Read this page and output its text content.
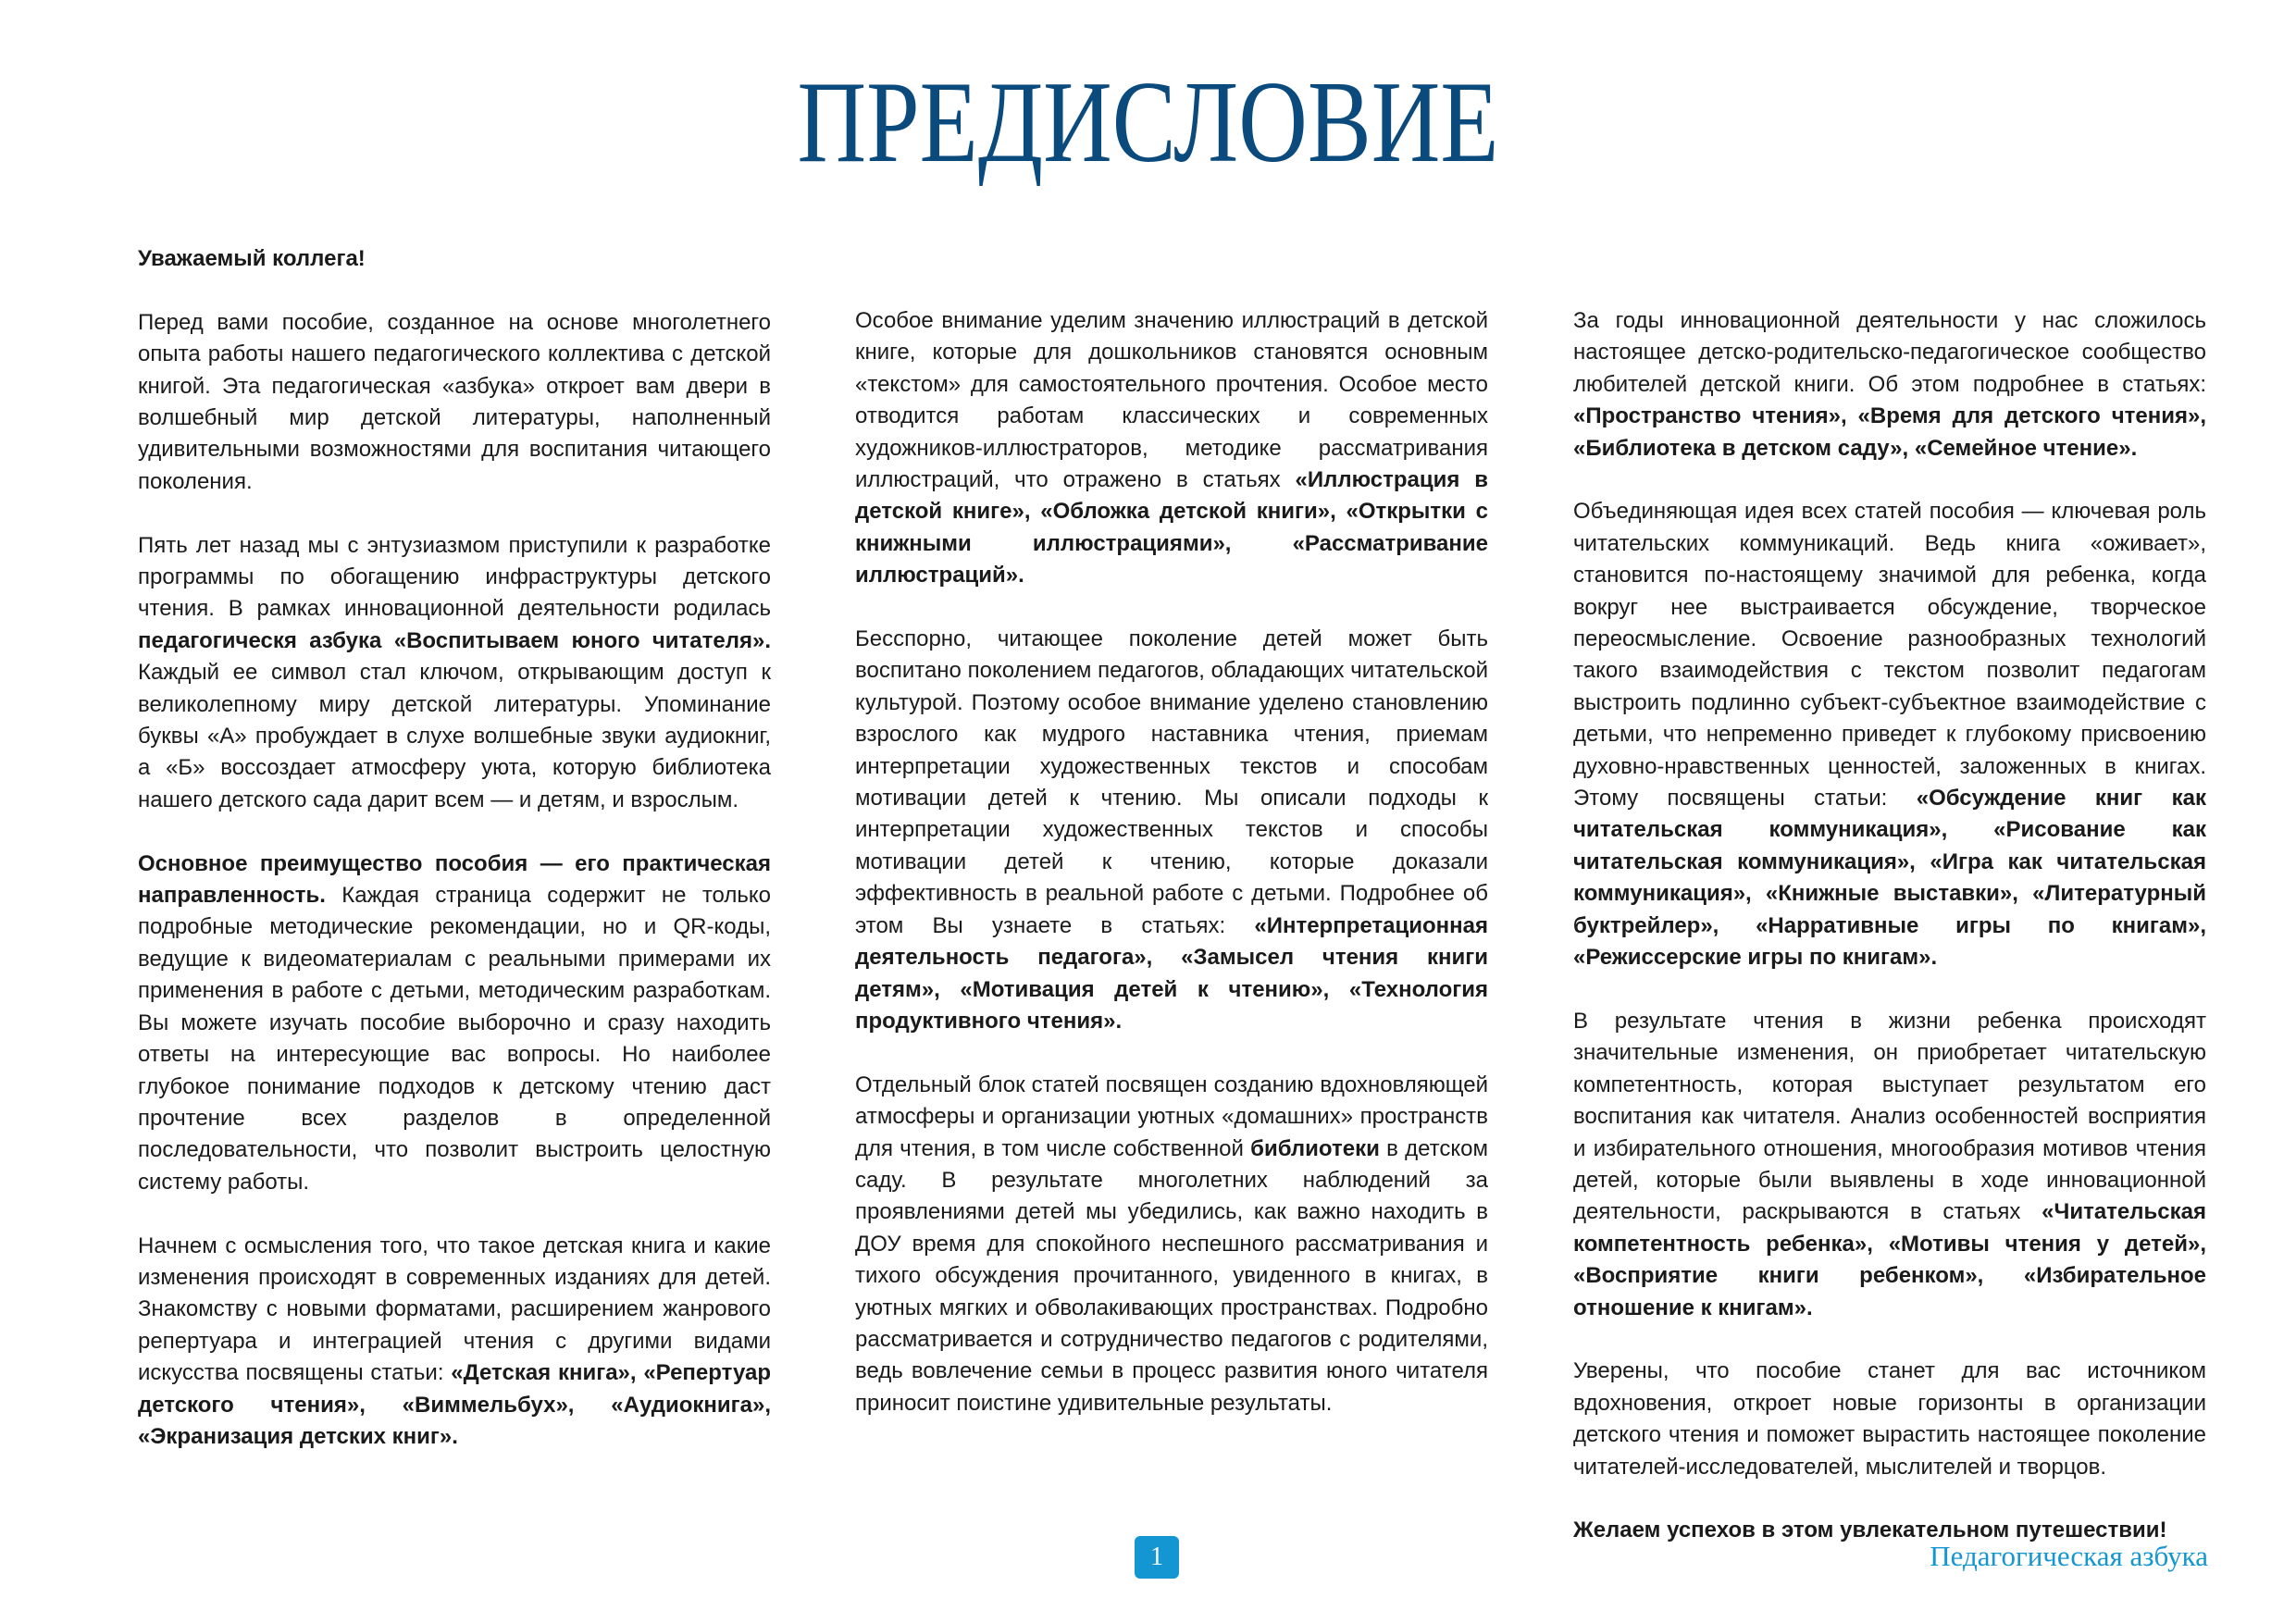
ПРЕДИСЛОВИЕ

Уважаемый коллега!

Перед вами пособие, созданное на основе многолетнего опыта работы нашего педагогического коллектива с детской книгой. Эта педагогическая «азбука» откроет вам двери в волшебный мир детской литературы, наполненный удивительными возможностями для воспитания читающего поколения.

Пять лет назад мы с энтузиазмом приступили к разработке программы по обогащению инфраструктуры детского чтения. В рамках инновационной деятельности родилась педагогическя азбука «Воспитываем юного читателя». Каждый ее символ стал ключом, открывающим доступ к великолепному миру детской литературы. Упоминание буквы «А» пробуждает в слухе волшебные звуки аудиокниг, а «Б» воссоздает атмосферу уюта, которую библиотека нашего детского сада дарит всем — и детям, и взрослым.

Основное преимущество пособия — его практическая направленность. Каждая страница содержит не только подробные методические рекомендации, но и QR-коды, ведущие к видеоматериалам с реальными примерами их применения в работе с детьми, методическим разработкам. Вы можете изучать пособие выборочно и сразу находить ответы на интересующие вас вопросы. Но наиболее глубокое понимание подходов к детскому чтению даст прочтение всех разделов в определенной последовательности, что позволит выстроить целостную систему работы.

Начнем с осмысления того, что такое детская книга и какие изменения происходят в современных изданиях для детей. Знакомству с новыми форматами, расширением жанрового репертуара и интеграцией чтения с другими видами искусства посвящены статьи: «Детская книга», «Репертуар детского чтения», «Виммельбух», «Аудиокнига», «Экранизация детских книг».

Особое внимание уделим значению иллюстраций в детской книге, которые для дошкольников становятся основным «текстом» для самостоятельного прочтения. Особое место отводится работам классических и современных художников-иллюстраторов, методике рассматривания иллюстраций, что отражено в статьях «Иллюстрация в детской книге», «Обложка детской книги», «Открытки с книжными иллюстрациями», «Рассматривание иллюстраций».

Бесспорно, читающее поколение детей может быть воспитано поколением педагогов, обладающих читательской культурой. Поэтому особое внимание уделено становлению взрослого как мудрого наставника чтения, приемам интерпретации художественных текстов и способам мотивации детей к чтению. Мы описали подходы к интерпретации художественных текстов и способы мотивации детей к чтению, которые доказали эффективность в реальной работе с детьми. Подробнее об этом Вы узнаете в статьях: «Интерпретационная деятельность педагога», «Замысел чтения книги детям», «Мотивация детей к чтению», «Технология продуктивного чтения».

Отдельный блок статей посвящен созданию вдохновляющей атмосферы и организации уютных «домашних» пространств для чтения, в том числе собственной библиотеки в детском саду. В результате многолетних наблюдений за проявлениями детей мы убедились, как важно находить в ДОУ время для спокойного неспешного рассматривания и тихого обсуждения прочитанного, увиденного в книгах, в уютных мягких и обволакивающих пространствах. Подробно рассматривается и сотрудничество педагогов с родителями, ведь вовлечение семьи в процесс развития юного читателя приносит поистине удивительные результаты.

За годы инновационной деятельности у нас сложилось настоящее детско-родительско-педагогическое сообщество любителей детской книги. Об этом подробнее в статьях: «Пространство чтения», «Время для детского чтения», «Библиотека в детском саду», «Семейное чтение».

Объединяющая идея всех статей пособия — ключевая роль читательских коммуникаций. Ведь книга «оживает», становится по-настоящему значимой для ребенка, когда вокруг нее выстраивается обсуждение, творческое переосмысление. Освоение разнообразных технологий такого взаимодействия с текстом позволит педагогам выстроить подлинно субъект-субъектное взаимодействие с детьми, что непременно приведет к глубокому присвоению духовно-нравственных ценностей, заложенных в книгах. Этому посвящены статьи: «Обсуждение книг как читательская коммуникация», «Рисование как читательская коммуникация», «Игра как читательская коммуникация», «Книжные выставки», «Литературный буктрейлер», «Нарративные игры по книгам», «Режиссерские игры по книгам».

В результате чтения в жизни ребенка происходят значительные изменения, он приобретает читательскую компетентность, которая выступает результатом его воспитания как читателя. Анализ особенностей восприятия и избирательного отношения, многообразия мотивов чтения детей, которые были выявлены в ходе инновационной деятельности, раскрываются в статьях «Читательская компетентность ребенка», «Мотивы чтения у детей», «Восприятие книги ребенком», «Избирательное отношение к книгам».

Уверены, что пособие станет для вас источником вдохновения, откроет новые горизонты в организации детского чтения и поможет вырастить настоящее поколение читателей-исследователей, мыслителей и творцов.

Желаем успехов в этом увлекательном путешествии!

1	Педагогическая азбука
